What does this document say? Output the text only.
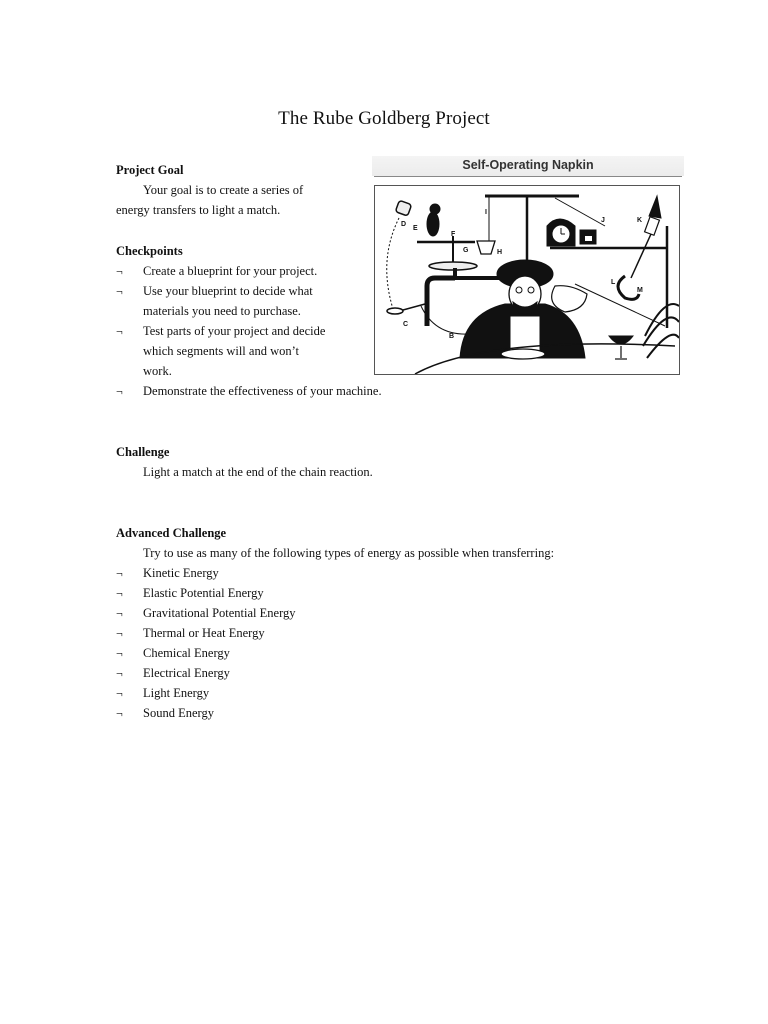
The Rube Goldberg Project
Project Goal
Your goal is to create a series of
energy transfers to light a match.
Checkpoints
¬ Create a blueprint for your project.
¬ Use your blueprint to decide what
materials you need to purchase.
¬ Test parts of your project and decide
which segments will and won’t
work.
¬ Demonstrate the effectiveness of your machine.
Challenge
Light a match at the end of the chain reaction.
Advanced Challenge
Try to use as many of the following types of energy as possible when transferring:
¬ Kinetic Energy
¬ Elastic Potential Energy
¬ Gravitational Potential Energy
¬ Thermal or Heat Energy
¬ Chemical Energy
¬ Electrical Energy
¬ Light Energy
¬ Sound Energy
Self-Operating Napkin
D
E
F
G	H
I
J	K
L
M
C
B
